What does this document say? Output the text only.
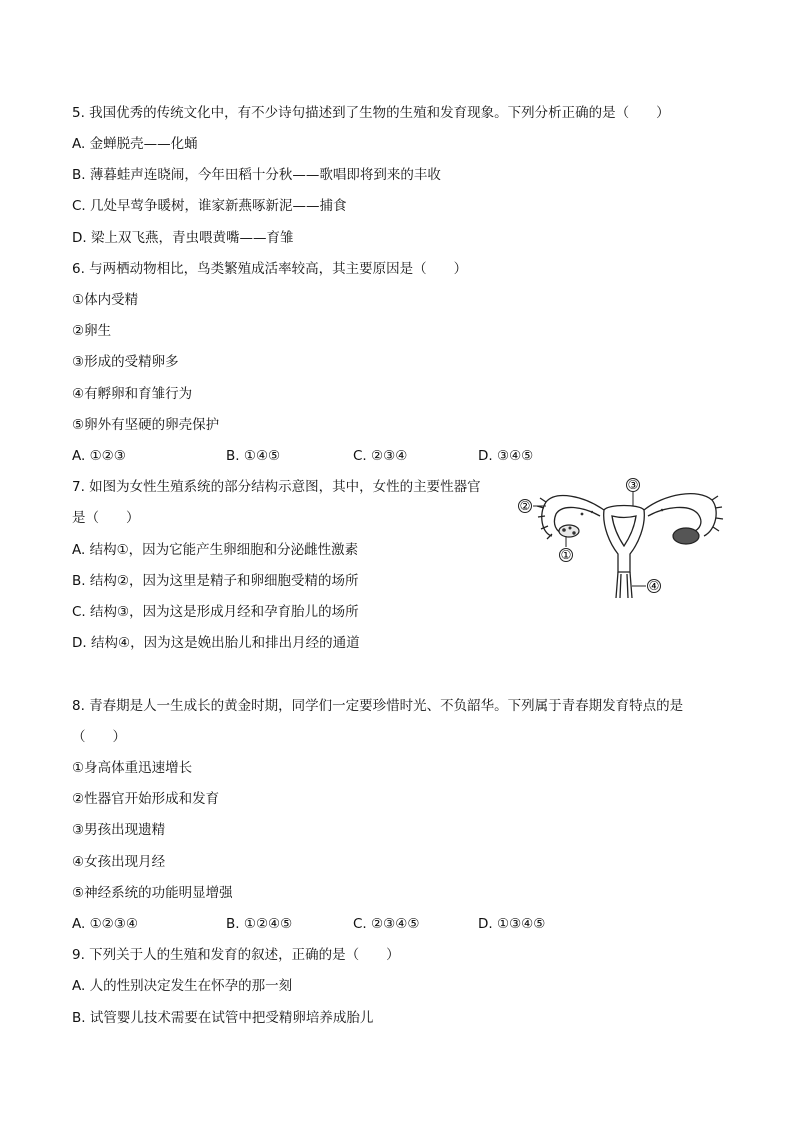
5. 我国优秀的传统文化中，有不少诗句描述到了生物的生殖和发育现象。下列分析正确的是（　　）
A. 金蝉脱壳——化蛹
B. 薄暮蛙声连晓闹，今年田稻十分秋——歌唱即将到来的丰收
C. 几处早莺争暖树，谁家新燕啄新泥——捕食
D. 梁上双飞燕，青虫喂黄嘴——育雏
6. 与两栖动物相比，鸟类繁殖成活率较高，其主要原因是（　　）
①体内受精
②卵生
③形成的受精卵多
④有孵卵和育雏行为
⑤卵外有坚硬的卵壳保护
A. ①②③	B. ①④⑤	C. ②③④	D. ③④⑤
7. 如图为女性生殖系统的部分结构示意图，其中，女性的主要性器官
是（　　）
A. 结构①，因为它能产生卵细胞和分泌雌性激素
B. 结构②，因为这里是精子和卵细胞受精的场所
C. 结构③，因为这是形成月经和孕育胎儿的场所
D. 结构④，因为这是娩出胎儿和排出月经的通道
③
②
①
④
8. 青春期是人一生成长的黄金时期，同学们一定要珍惜时光、不负韶华。下列属于青春期发育特点的是
（　　）
①身高体重迅速增长
②性器官开始形成和发育
③男孩出现遗精
④女孩出现月经
⑤神经系统的功能明显增强
A. ①②③④	B. ①②④⑤	C. ②③④⑤	D. ①③④⑤
9. 下列关于人的生殖和发育的叙述，正确的是（　　）
A. 人的性别决定发生在怀孕的那一刻
B. 试管婴儿技术需要在试管中把受精卵培养成胎儿
